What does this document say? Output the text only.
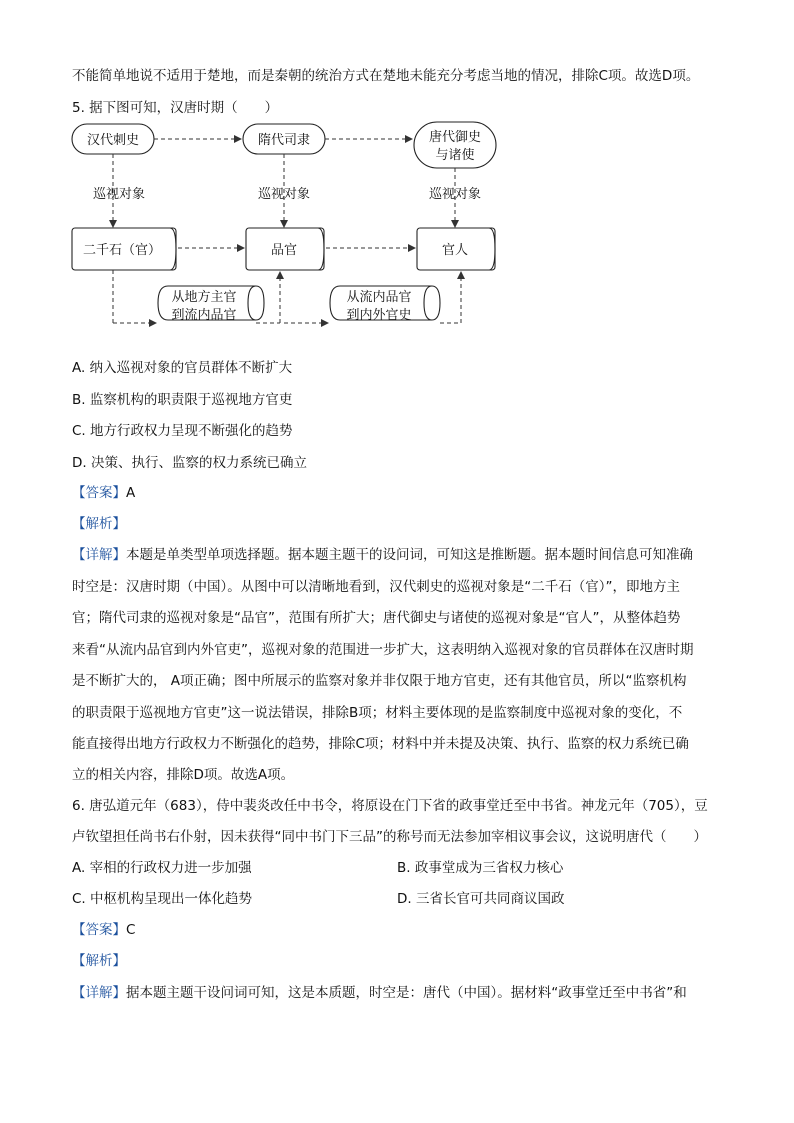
不能简单地说不适用于楚地，而是秦朝的统治方式在楚地未能充分考虑当地的情况，排除C项。故选D项。
5. 据下图可知，汉唐时期（　　）
汉代刺史	隋代司隶	唐代御史
与诸使
巡视对象	巡视对象	巡视对象
二千石（官）	品官	官人
从地方主官
到流内品官
从流内品官
到内外官史
A. 纳入巡视对象的官员群体不断扩大
B. 监察机构的职责限于巡视地方官吏
C. 地方行政权力呈现不断强化的趋势
D. 决策、执行、监察的权力系统已确立
【答案】A
【解析】
【详解】本题是单类型单项选择题。据本题主题干的设问词，可知这是推断题。据本题时间信息可知准确
时空是：汉唐时期（中国）。从图中可以清晰地看到，汉代刺史的巡视对象是“二千石（官）”，即地方主
官；隋代司隶的巡视对象是“品官”，范围有所扩大；唐代御史与诸使的巡视对象是“官人”，从整体趋势
来看“从流内品官到内外官吏”，巡视对象的范围进一步扩大，这表明纳入巡视对象的官员群体在汉唐时期
是不断扩大的， A项正确；图中所展示的监察对象并非仅限于地方官吏，还有其他官员，所以“监察机构
的职责限于巡视地方官吏”这一说法错误，排除B项；材料主要体现的是监察制度中巡视对象的变化，不
能直接得出地方行政权力不断强化的趋势，排除C项；材料中并未提及决策、执行、监察的权力系统已确
立的相关内容，排除D项。故选A项。
6. 唐弘道元年（683），侍中裴炎改任中书令，将原设在门下省的政事堂迁至中书省。神龙元年（705），豆
卢钦望担任尚书右仆射，因未获得“同中书门下三品”的称号而无法参加宰相议事会议，这说明唐代（　　）
A. 宰相的行政权力进一步加强	B. 政事堂成为三省权力核心
C. 中枢机构呈现出一体化趋势	D. 三省长官可共同商议国政
【答案】C
【解析】
【详解】据本题主题干设问词可知，这是本质题，时空是：唐代（中国）。据材料“政事堂迁至中书省”和
